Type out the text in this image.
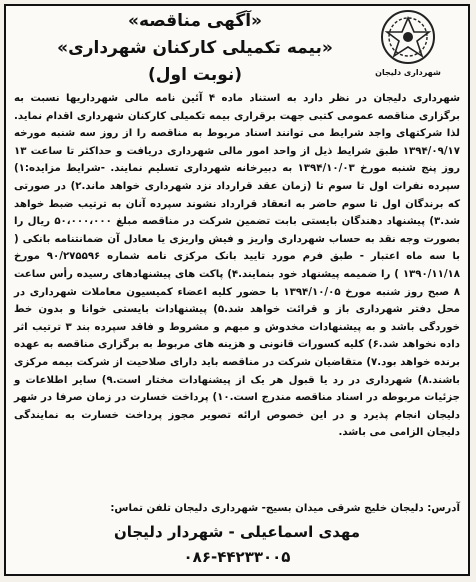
شهرداری دلیجان
«آگهی مناقصه»
«بیمه تکمیلی کارکنان شهرداری»
(نوبت اول)
شهرداری دلیجان در نظر دارد به استناد ماده ۴ آئین نامه مالی شهرداریها نسبت به برگزاری مناقصه عمومی کتبی جهت برقراری بیمه تکمیلی کارکنان شهرداری اقدام نماید. لذا شرکتهای واجد شرایط می توانند اسناد مربوط به مناقصه را از روز سه شنبه مورخه ۱۳۹۴/۰۹/۱۷ طبق شرایط ذیل از واحد امور مالی شهرداری دریافت و حداکثر تا ساعت ۱۳ روز پنج شنبه مورخ ۱۳۹۴/۱۰/۰۳ به دبیرخانه شهرداری تسلیم نمایند. -شرایط مزایده:۱) سپرده نفرات اول تا سوم تا (زمان عقد قرارداد نزد شهرداری خواهد ماند.۲) در صورتی که برندگان اول تا سوم حاضر به انعقاد قرارداد نشوند سپرده آنان به ترتیب ضبط خواهد شد.۳) پیشنهاد دهندگان بایستی بابت تضمین شرکت در مناقصه مبلغ ۵۰،۰۰۰،۰۰۰ ریال را بصورت وجه نقد به حساب شهرداری واریز و فیش واریزی یا معادل آن ضمانتنامه بانکی ( با سه ماه اعتبار - طبق فرم مورد تایید بانک مرکزی نامه شماره ۹۰/۲۷۵۵۹۶ مورخ ۱۳۹۰/۱۱/۱۸ ) را ضمیمه پیشنهاد خود بنمایند.۴) پاکت های پیشنهادهای رسیده رأس ساعت ۸ صبح روز شنبه مورخ ۱۳۹۴/۱۰/۰۵ با حضور کلیه اعضاء کمیسیون معاملات شهرداری در محل دفتر شهرداری باز و قرائت خواهد شد.۵) پیشنهادات بایستی خوانا و بدون خط خوردگی باشد و به پیشنهادات مخدوش و مبهم و مشروط و فاقد سپرده بند ۳ ترتیب اثر داده نخواهد شد.۶) کلیه کسورات قانونی و هزینه های مربوط به برگزاری مناقصه به عهده برنده خواهد بود.۷) متقاضیان شرکت در مناقصه باید دارای صلاحیت از شرکت بیمه مرکزی باشند.۸) شهرداری در رد یا قبول هر یک از پیشنهادات مختار است.۹) سایر اطلاعات و جزئیات مربوطه در اسناد مناقصه مندرج است.۱۰) پرداخت خسارت در زمان صرفا در شهر دلیجان انجام پذیرد و در این خصوص ارائه تصویر مجوز پرداخت خسارت به نمایندگی دلیجان الزامی می باشد.
آدرس: دلیجان خلیج شرقی میدان بسیج- شهرداری دلیجان تلفن تماس:
مهدی اسماعیلی - شهردار دلیجان
۰۸۶-۴۴۲۳۳۰۰۵
